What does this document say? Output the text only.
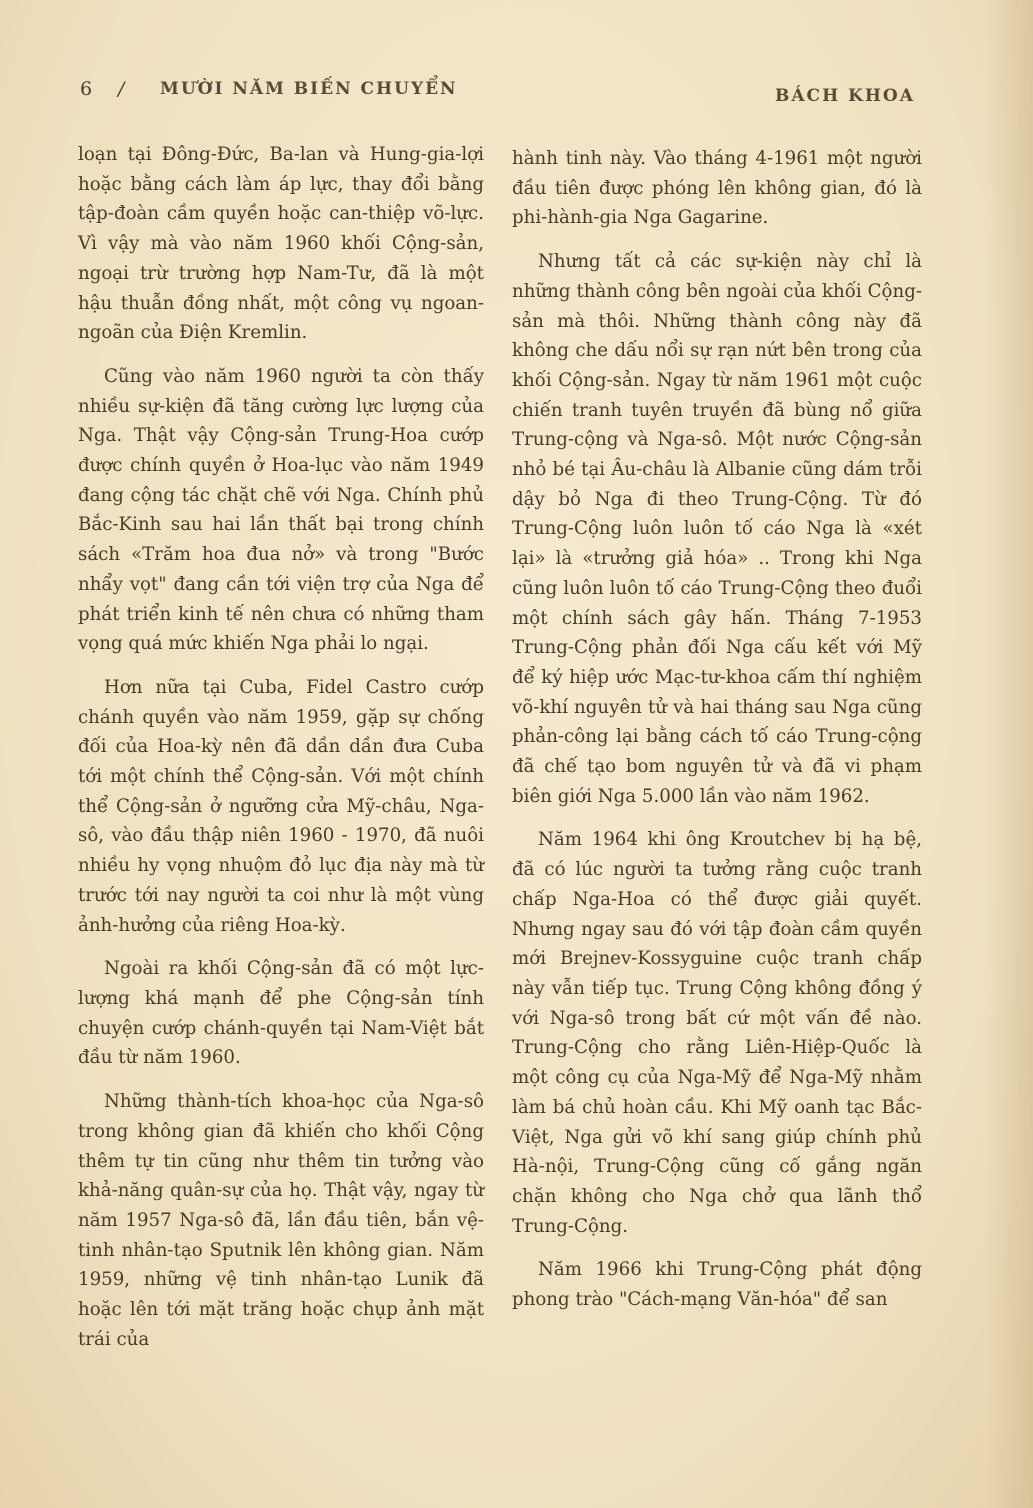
6 / MƯỜI NĂM BIẾN CHUYỂN	BÁCH KHOA

loạn tại Đông-Đức, Ba-lan và Hung-gia-lợi hoặc bằng cách làm áp lực, thay đổi bằng tập-đoàn cầm quyền hoặc can-thiệp võ-lực. Vì vậy mà vào năm 1960 khối Cộng-sản, ngoại trừ trường hợp Nam-Tư, đã là một hậu thuẫn đồng nhất, một công vụ ngoan-ngoãn của Điện Kremlin.

Cũng vào năm 1960 người ta còn thấy nhiều sự-kiện đã tăng cường lực lượng của Nga. Thật vậy Cộng-sản Trung-Hoa cướp được chính quyền ở Hoa-lục vào năm 1949 đang cộng tác chặt chẽ với Nga. Chính phủ Bắc-Kinh sau hai lần thất bại trong chính sách «Trăm hoa đua nở» và trong "Bước nhẩy vọt" đang cần tới viện trợ của Nga để phát triển kinh tế nên chưa có những tham vọng quá mức khiến Nga phải lo ngại.

Hơn nữa tại Cuba, Fidel Castro cướp chánh quyền vào năm 1959, gặp sự chống đối của Hoa-kỳ nên đã dần dần đưa Cuba tới một chính thể Cộng-sản. Với một chính thể Cộng-sản ở ngưỡng cửa Mỹ-châu, Nga-sô, vào đầu thập niên 1960 - 1970, đã nuôi nhiều hy vọng nhuộm đỏ lục địa này mà từ trước tới nay người ta coi như là một vùng ảnh-hưởng của riêng Hoa-kỳ.

Ngoài ra khối Cộng-sản đã có một lực-lượng khá mạnh để phe Cộng-sản tính chuyện cướp chánh-quyền tại Nam-Việt bắt đầu từ năm 1960.

Những thành-tích khoa-học của Nga-sô trong không gian đã khiến cho khối Cộng thêm tự tin cũng như thêm tin tưởng vào khả-năng quân-sự của họ. Thật vậy, ngay từ năm 1957 Nga-sô đã, lần đầu tiên, bắn vệ-tinh nhân-tạo Sputnik lên không gian. Năm 1959, những vệ tinh nhân-tạo Lunik đã hoặc lên tới mặt trăng hoặc chụp ảnh mặt trái của

hành tinh này. Vào tháng 4-1961 một người đầu tiên được phóng lên không gian, đó là phi-hành-gia Nga Gagarine.

Nhưng tất cả các sự-kiện này chỉ là những thành công bên ngoài của khối Cộng-sản mà thôi. Những thành công này đã không che dấu nổi sự rạn nứt bên trong của khối Cộng-sản. Ngay từ năm 1961 một cuộc chiến tranh tuyên truyền đã bùng nổ giữa Trung-cộng và Nga-sô. Một nước Cộng-sản nhỏ bé tại Âu-châu là Albanie cũng dám trỗi dậy bỏ Nga đi theo Trung-Cộng. Từ đó Trung-Cộng luôn luôn tố cáo Nga là «xét lại» là «trưởng giả hóa» .. Trong khi Nga cũng luôn luôn tố cáo Trung-Cộng theo đuổi một chính sách gây hấn. Tháng 7-1953 Trung-Cộng phản đối Nga cấu kết với Mỹ để ký hiệp ước Mạc-tư-khoa cấm thí nghiệm võ-khí nguyên tử và hai tháng sau Nga cũng phản-công lại bằng cách tố cáo Trung-cộng đã chế tạo bom nguyên tử và đã vi phạm biên giới Nga 5.000 lần vào năm 1962.

Năm 1964 khi ông Kroutchev bị hạ bệ, đã có lúc người ta tưởng rằng cuộc tranh chấp Nga-Hoa có thể được giải quyết. Nhưng ngay sau đó với tập đoàn cầm quyền mới Brejnev-Kossyguine cuộc tranh chấp này vẫn tiếp tục. Trung Cộng không đồng ý với Nga-sô trong bất cứ một vấn đề nào. Trung-Cộng cho rằng Liên-Hiệp-Quốc là một công cụ của Nga-Mỹ để Nga-Mỹ nhằm làm bá chủ hoàn cầu. Khi Mỹ oanh tạc Bắc-Việt, Nga gửi võ khí sang giúp chính phủ Hà-nội, Trung-Cộng cũng cố gắng ngăn chặn không cho Nga chở qua lãnh thổ Trung-Cộng.

Năm 1966 khi Trung-Cộng phát động phong trào "Cách-mạng Văn-hóa" để san
